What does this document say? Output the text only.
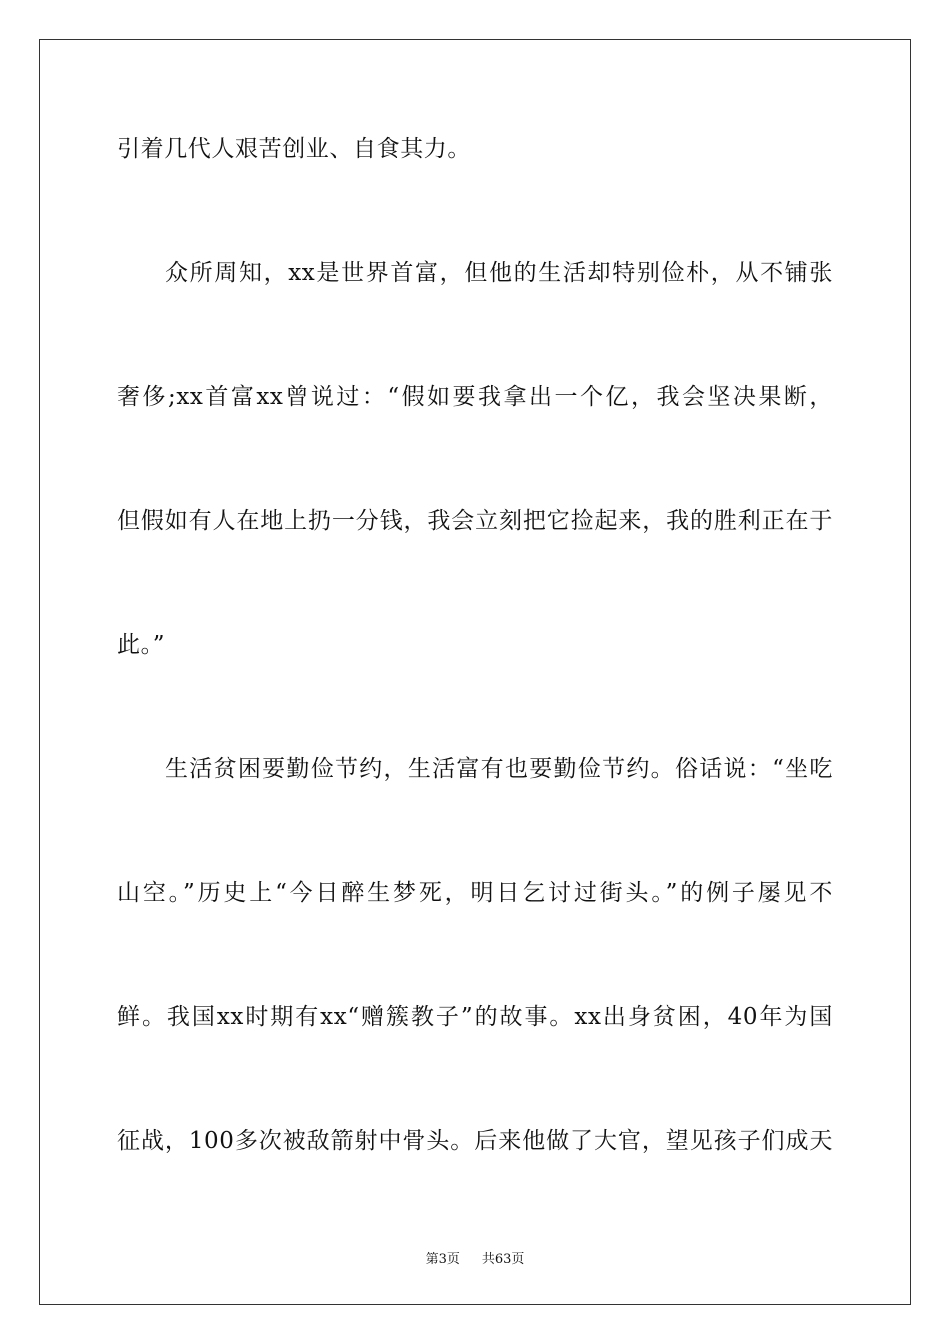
引着几代人艰苦创业、自食其力。
众所周知，xx是世界首富，但他的生活却特别俭朴，从不铺张
奢侈;xx首富xx曾说过：“假如要我拿出一个亿，我会坚决果断，
但假如有人在地上扔一分钱，我会立刻把它捡起来，我的胜利正在于
此。”
生活贫困要勤俭节约，生活富有也要勤俭节约。俗话说：“坐吃
山空。”历史上“今日醉生梦死，明日乞讨过街头。”的例子屡见不
鲜。我国xx时期有xx“赠簇教子”的故事。xx出身贫困，40年为国
征战，100多次被敌箭射中骨头。后来他做了大官，望见孩子们成天
第3页 共63页
